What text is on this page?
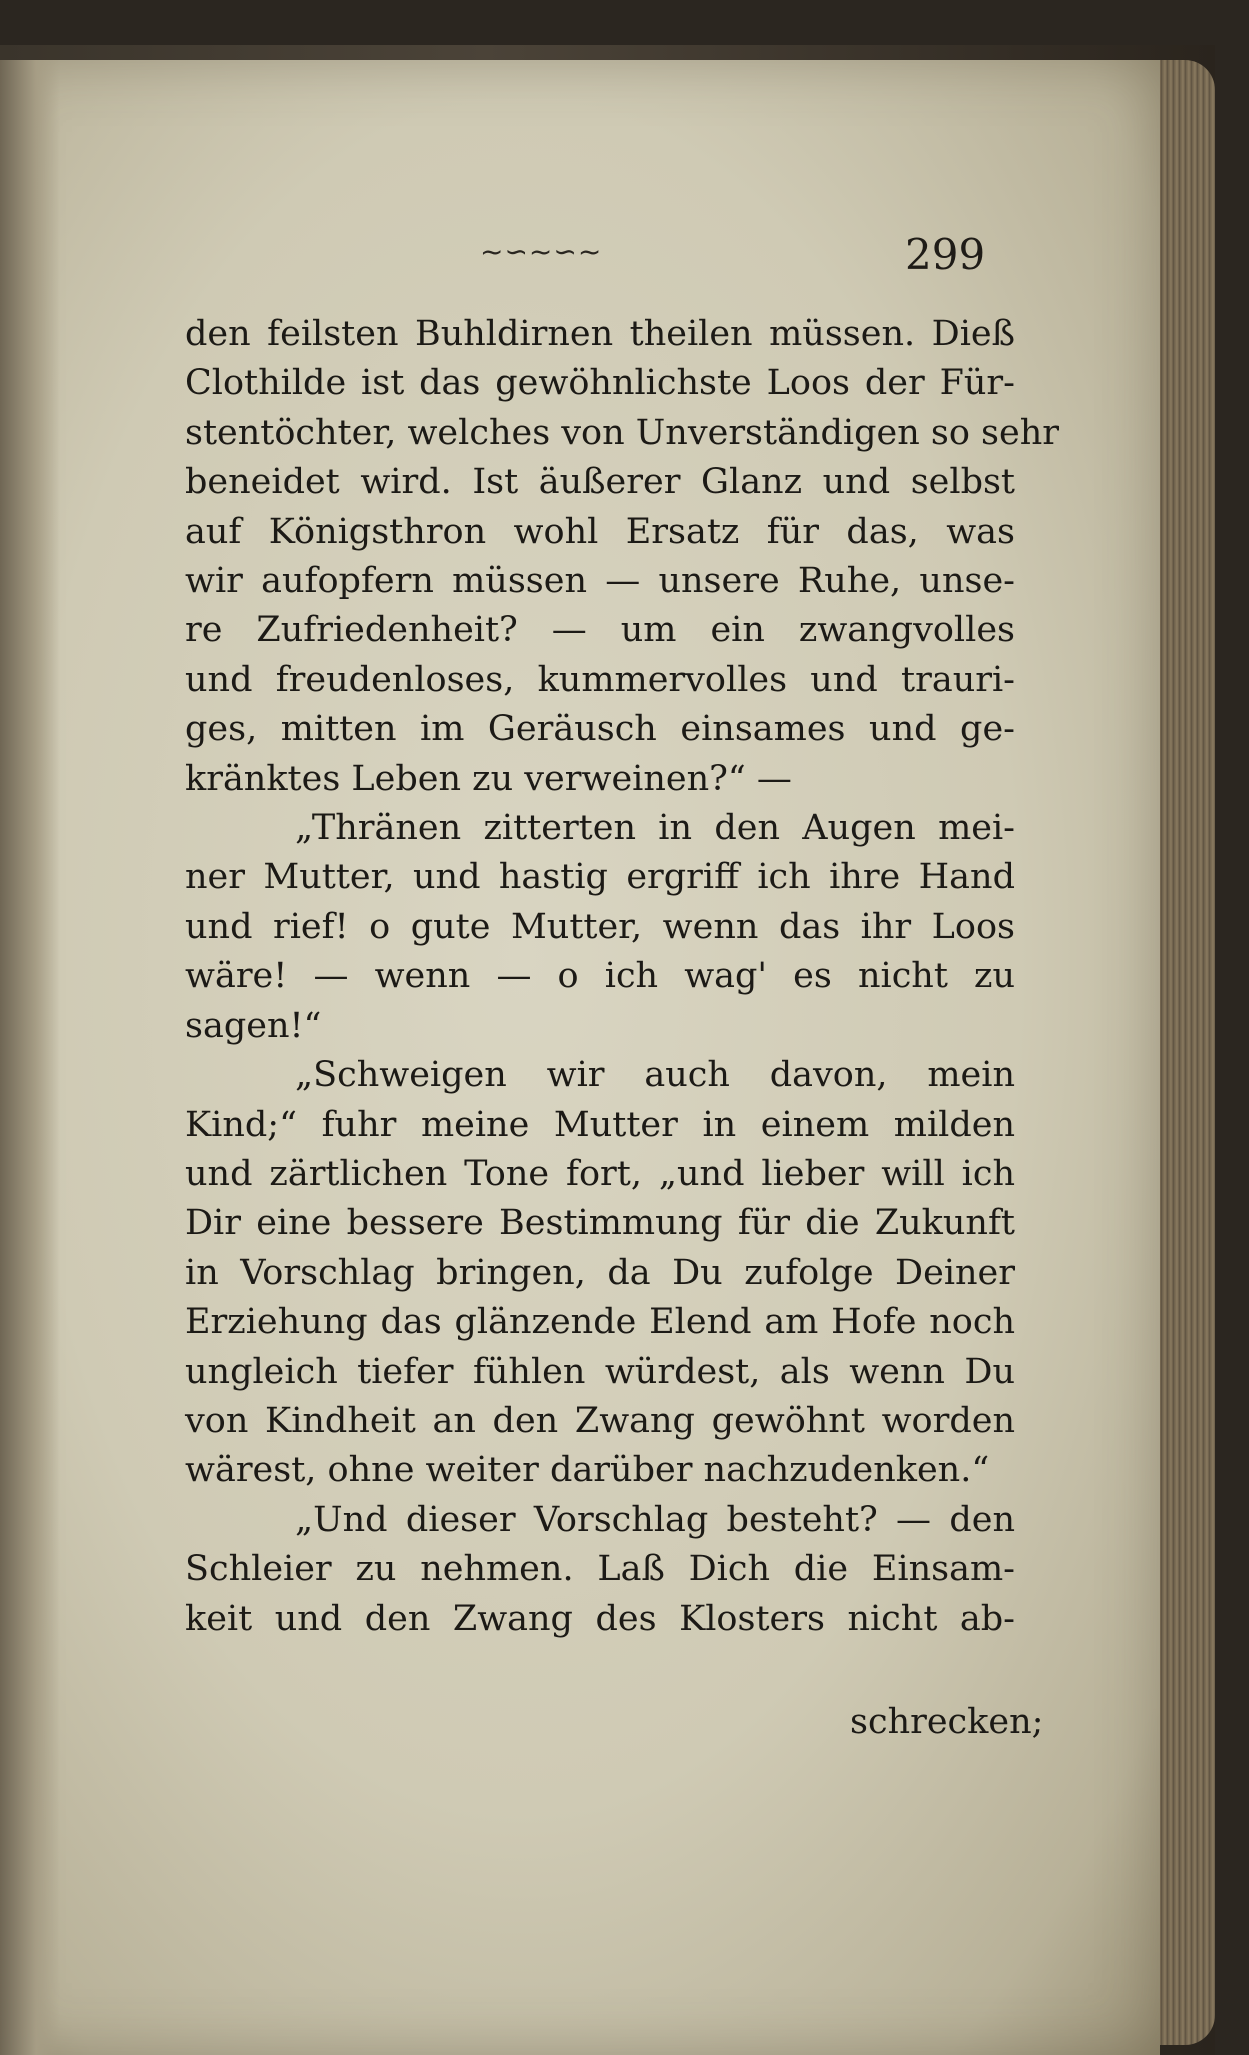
~∽~∽~	299
den feilsten Buhldirnen theilen müssen. Dieß
Clothilde ist das gewöhnlichste Loos der Für-
stentöchter, welches von Unverständigen so sehr
beneidet wird. Ist äußerer Glanz und selbst
auf Königsthron wohl Ersatz für das, was
wir aufopfern müssen — unsere Ruhe, unse-
re Zufriedenheit? — um ein zwangvolles
und freudenloses, kummervolles und trauri-
ges, mitten im Geräusch einsames und ge-
kränktes Leben zu verweinen?“ —
„Thränen zitterten in den Augen mei-
ner Mutter, und hastig ergriff ich ihre Hand
und rief! o gute Mutter, wenn das ihr Loos
wäre! — wenn — o ich wag' es nicht zu
sagen!“
„Schweigen wir auch davon, mein
Kind;“ fuhr meine Mutter in einem milden
und zärtlichen Tone fort, „und lieber will ich
Dir eine bessere Bestimmung für die Zukunft
in Vorschlag bringen, da Du zufolge Deiner
Erziehung das glänzende Elend am Hofe noch
ungleich tiefer fühlen würdest, als wenn Du
von Kindheit an den Zwang gewöhnt worden
wärest, ohne weiter darüber nachzudenken.“
„Und dieser Vorschlag besteht? — den
Schleier zu nehmen. Laß Dich die Einsam-
keit und den Zwang des Klosters nicht ab-
schrecken;
